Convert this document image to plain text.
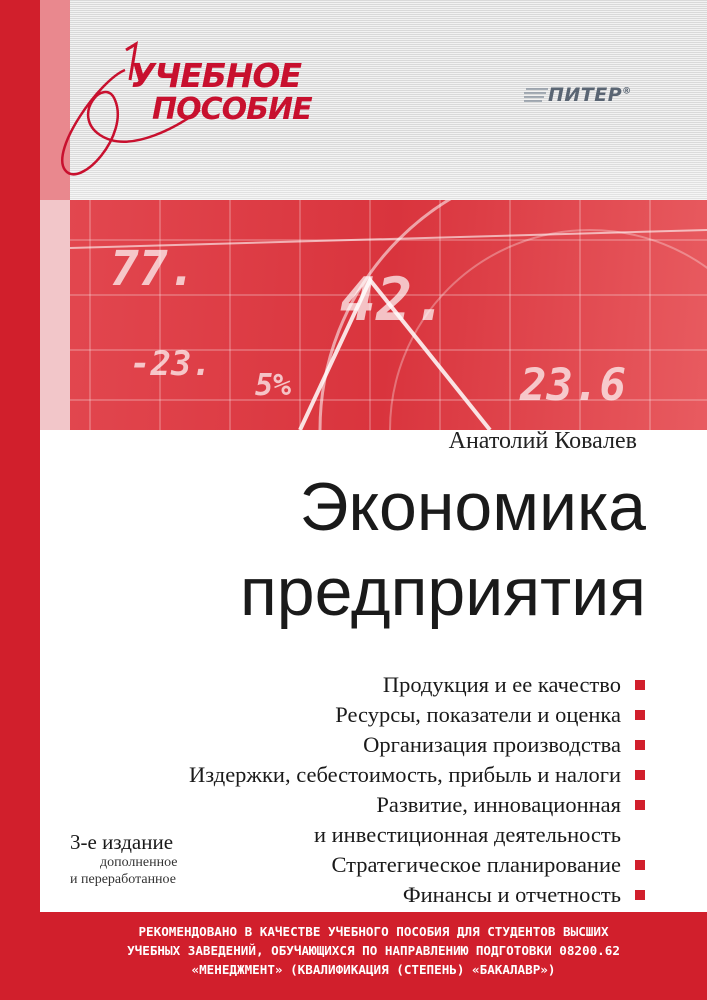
77. 42.
-23.
5%	23.6
УЧЕБНОЕ
ПОСОБИЕ	ПИТЕР®
Анатолий Ковалев
Экономика
предприятия
Продукция и ее качество
Ресурсы, показатели и оценка
Организация производства
Издержки, себестоимость, прибыль и налоги
Развитие, инновационная
и инвестиционная деятельность
Стратегическое планирование
Финансы и отчетность
3-е издание
дополненное
и переработанное
РЕКОМЕНДОВАНО В КАЧЕСТВЕ УЧЕБНОГО ПОСОБИЯ ДЛЯ СТУДЕНТОВ ВЫСШИХ
УЧЕБНЫХ ЗАВЕДЕНИЙ, ОБУЧАЮЩИХСЯ ПО НАПРАВЛЕНИЮ ПОДГОТОВКИ 08200.62
«МЕНЕДЖМЕНТ» (КВАЛИФИКАЦИЯ (СТЕПЕНЬ) «БАКАЛАВР»)
